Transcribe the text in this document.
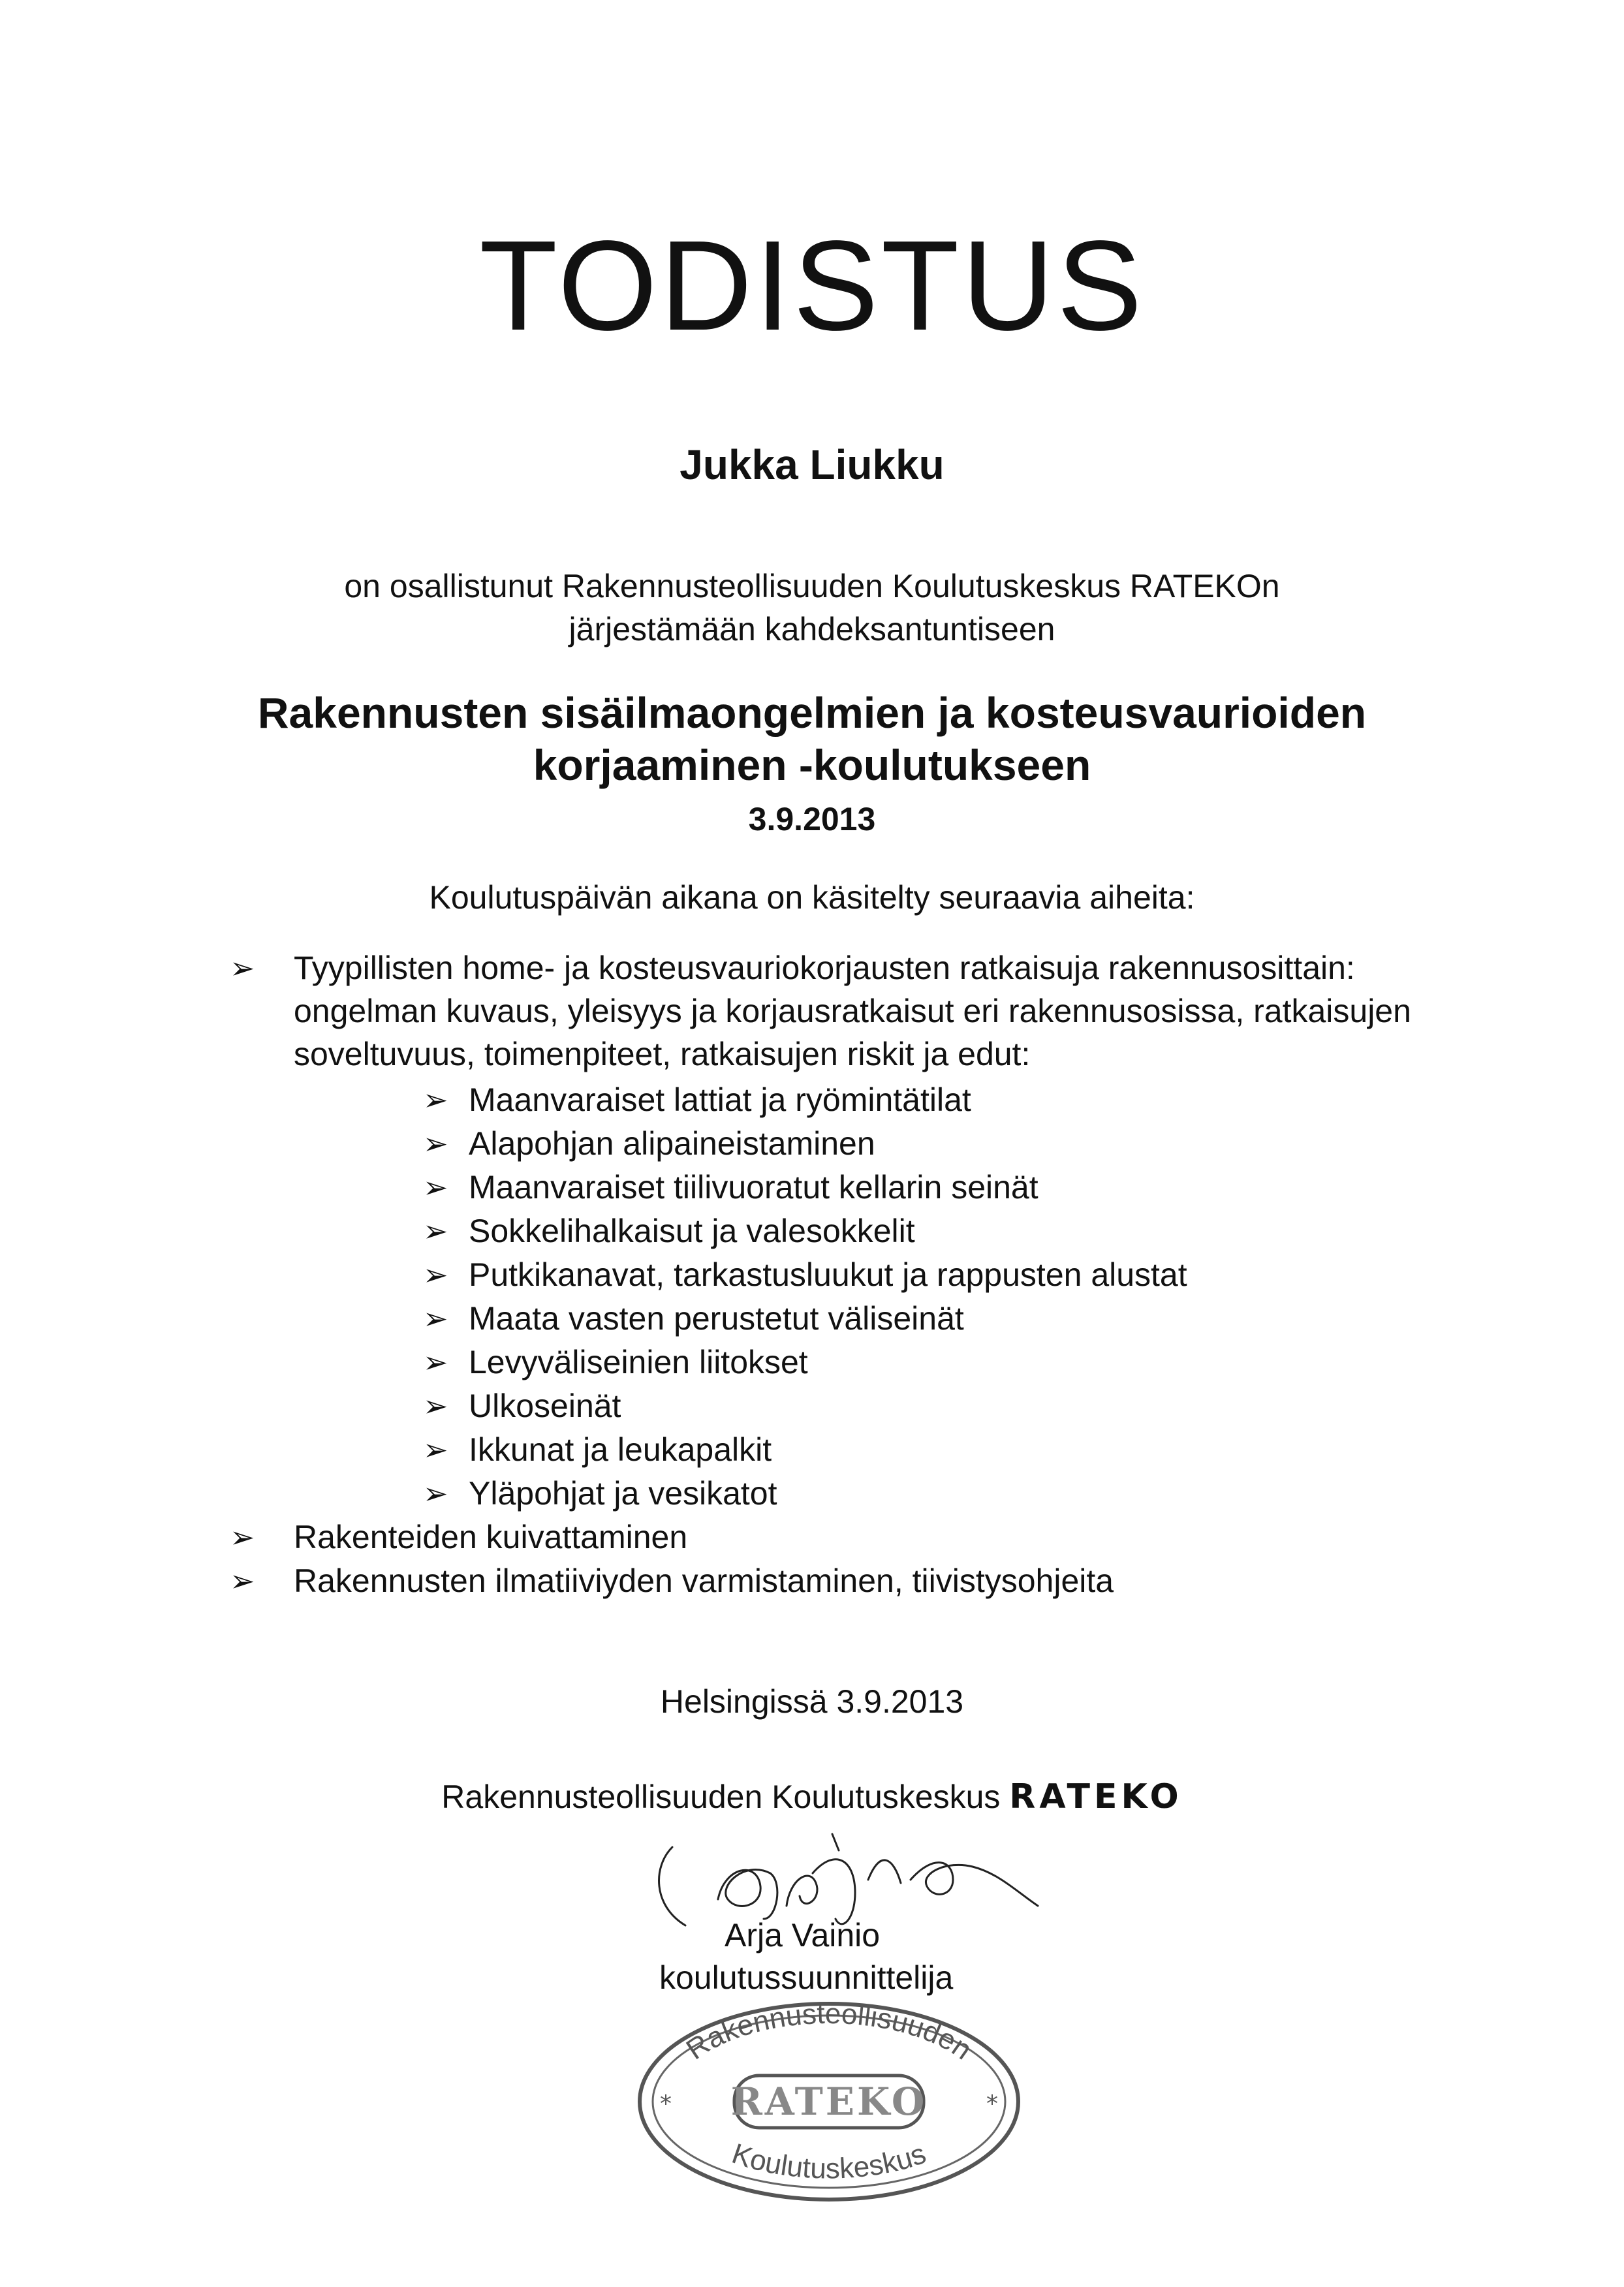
TODISTUS
Jukka Liukku
on osallistunut Rakennusteollisuuden Koulutuskeskus RATEKOn
järjestämään kahdeksantuntiseen
Rakennusten sisäilmaongelmien ja kosteusvaurioiden
korjaaminen -koulutukseen
3.9.2013
Koulutuspäivän aikana on käsitelty seuraavia aiheita:
➢ Tyypillisten home- ja kosteusvauriokorjausten ratkaisuja rakennusosittain:
ongelman kuvaus, yleisyys ja korjausratkaisut eri rakennusosissa, ratkaisujen
soveltuvuus, toimenpiteet, ratkaisujen riskit ja edut:
➢ Maanvaraiset lattiat ja ryömintätilat
➢ Alapohjan alipaineistaminen
➢ Maanvaraiset tiilivuoratut kellarin seinät
➢ Sokkelihalkaisut ja valesokkelit
➢ Putkikanavat, tarkastusluukut ja rappusten alustat
➢ Maata vasten perustetut väliseinät
➢ Levyväliseinien liitokset
➢ Ulkoseinät
➢ Ikkunat ja leukapalkit
➢ Yläpohjat ja vesikatot
➢ Rakenteiden kuivattaminen
➢ Rakennusten ilmatiiviyden varmistaminen, tiivistysohjeita
Helsingissä 3.9.2013
Rakennusteollisuuden Koulutuskeskus RATEKO
Arja Vainio
koulutussuunnittelija
Rakennusteollisuuden
Koulutuskeskus
RATEKO
*	*
